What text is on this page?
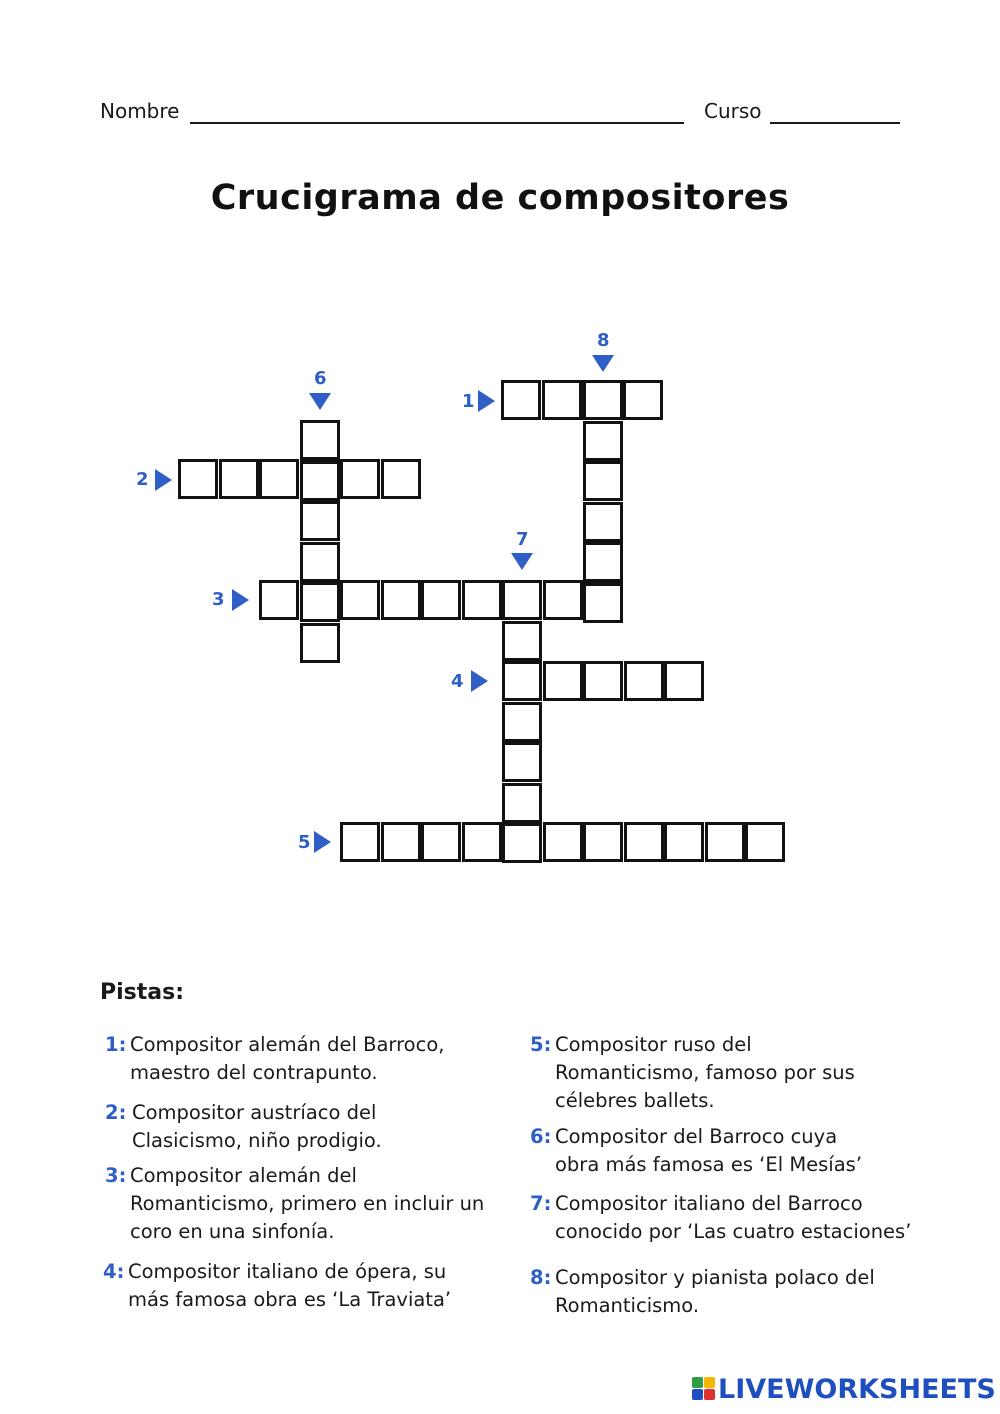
Nombre	Curso
Crucigrama de compositores
1
2
3
4
5
6
7
8
Pistas:
1: Compositor alemán del Barroco,
maestro del contrapunto.
2: Compositor austríaco del
Clasicismo, niño prodigio.
3: Compositor alemán del
Romanticismo, primero en incluir un
coro en una sinfonía.
4: Compositor italiano de ópera, su
más famosa obra es ‘La Traviata’
5: Compositor ruso del
Romanticismo, famoso por sus
célebres ballets.
6: Compositor del Barroco cuya
obra más famosa es ‘El Mesías’
7: Compositor italiano del Barroco
conocido por ‘Las cuatro estaciones’
8: Compositor y pianista polaco del
Romanticismo.
LIVEWORKSHEETS
